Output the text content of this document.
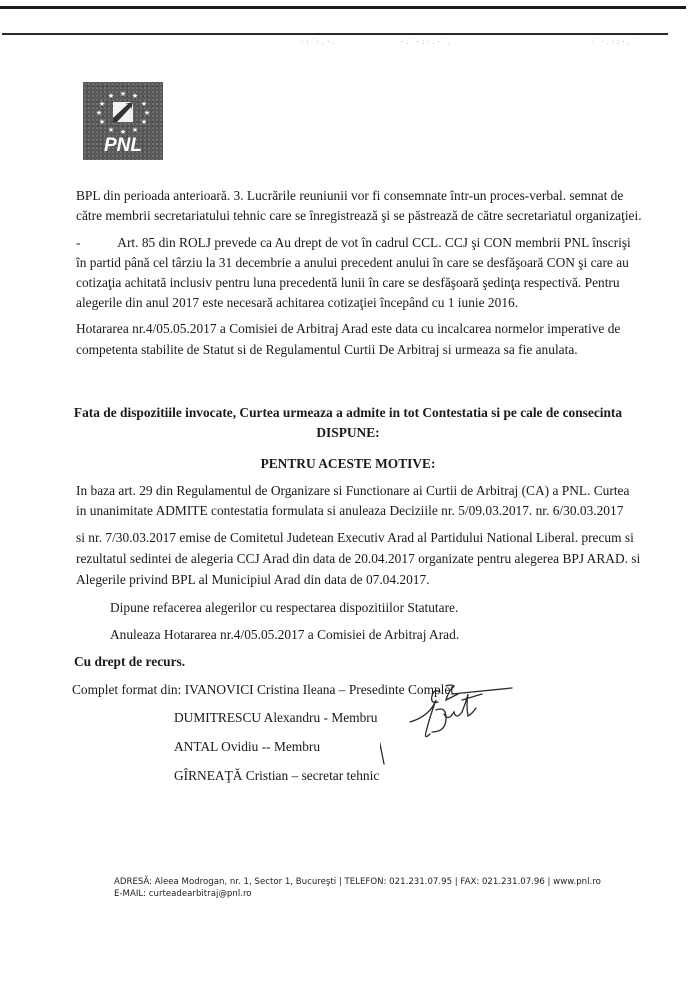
·:˙·.·.	·.˙·:·.·˙.	·˙·.·:·.˙
★
★	★
★	★
★	★
★	★
★	★
★
PNL
BPL din perioada anterioară. 3. Lucrările reuniunii vor fi consemnate într-un proces-verbal. semnat de
către membrii secretariatului tehnic care se înregistrează şi se păstrează de către secretariatul organizaţiei.
-           Art. 85 din ROLJ prevede ca Au drept de vot în cadrul CCL. CCJ şi CON membrii PNL înscrişi
în partid până cel târziu la 31 decembrie a anului precedent anului în care se desfăşoară CON şi care au
cotizaţia achitată inclusiv pentru luna precedentă lunii în care se desfăşoară şedinţa respectivă. Pentru
alegerile din anul 2017 este necesară achitarea cotizaţiei începând cu 1 iunie 2016.
Hotararea nr.4/05.05.2017 a Comisiei de Arbitraj Arad este data cu incalcarea normelor imperative de
competenta stabilite de Statut si de Regulamentul Curtii De Arbitraj si urmeaza sa fie anulata.
Fata de dispozitiile invocate, Curtea urmeaza a admite in tot Contestatia si pe cale de consecinta
DISPUNE:
PENTRU ACESTE MOTIVE:
In baza art. 29 din Regulamentul de Organizare si Functionare ai Curtii de Arbitraj (CA) a PNL. Curtea
in unanimitate ADMITE contestatia formulata si anuleaza Deciziile nr. 5/09.03.2017. nr. 6/30.03.2017
si nr. 7/30.03.2017 emise de Comitetul Judetean Executiv Arad al Partidului National Liberal. precum si
rezultatul sedintei de alegeria CCJ Arad din data de 20.04.2017 organizate pentru alegerea BPJ ARAD. si
Alegerile privind BPL al Municipiul Arad din data de 07.04.2017.
Dipune refacerea alegerilor cu respectarea dispozitiilor Statutare.
Anuleaza Hotararea nr.4/05.05.2017 a Comisiei de Arbitraj Arad.
Cu drept de recurs.
Complet format din: IVANOVICI Cristina Ileana – Presedinte Complet
DUMITRESCU Alexandru - Membru
ANTAL Ovidiu -- Membru
GÎRNEAŢĂ Cristian – secretar tehnic
ADRESĂ: Aleea Modrogan, nr. 1, Sector 1, Bucureşti | TELEFON: 021.231.07.95 | FAX: 021.231.07.96 | www.pnl.ro
E-MAIL: curteadearbitraj@pnl.ro
